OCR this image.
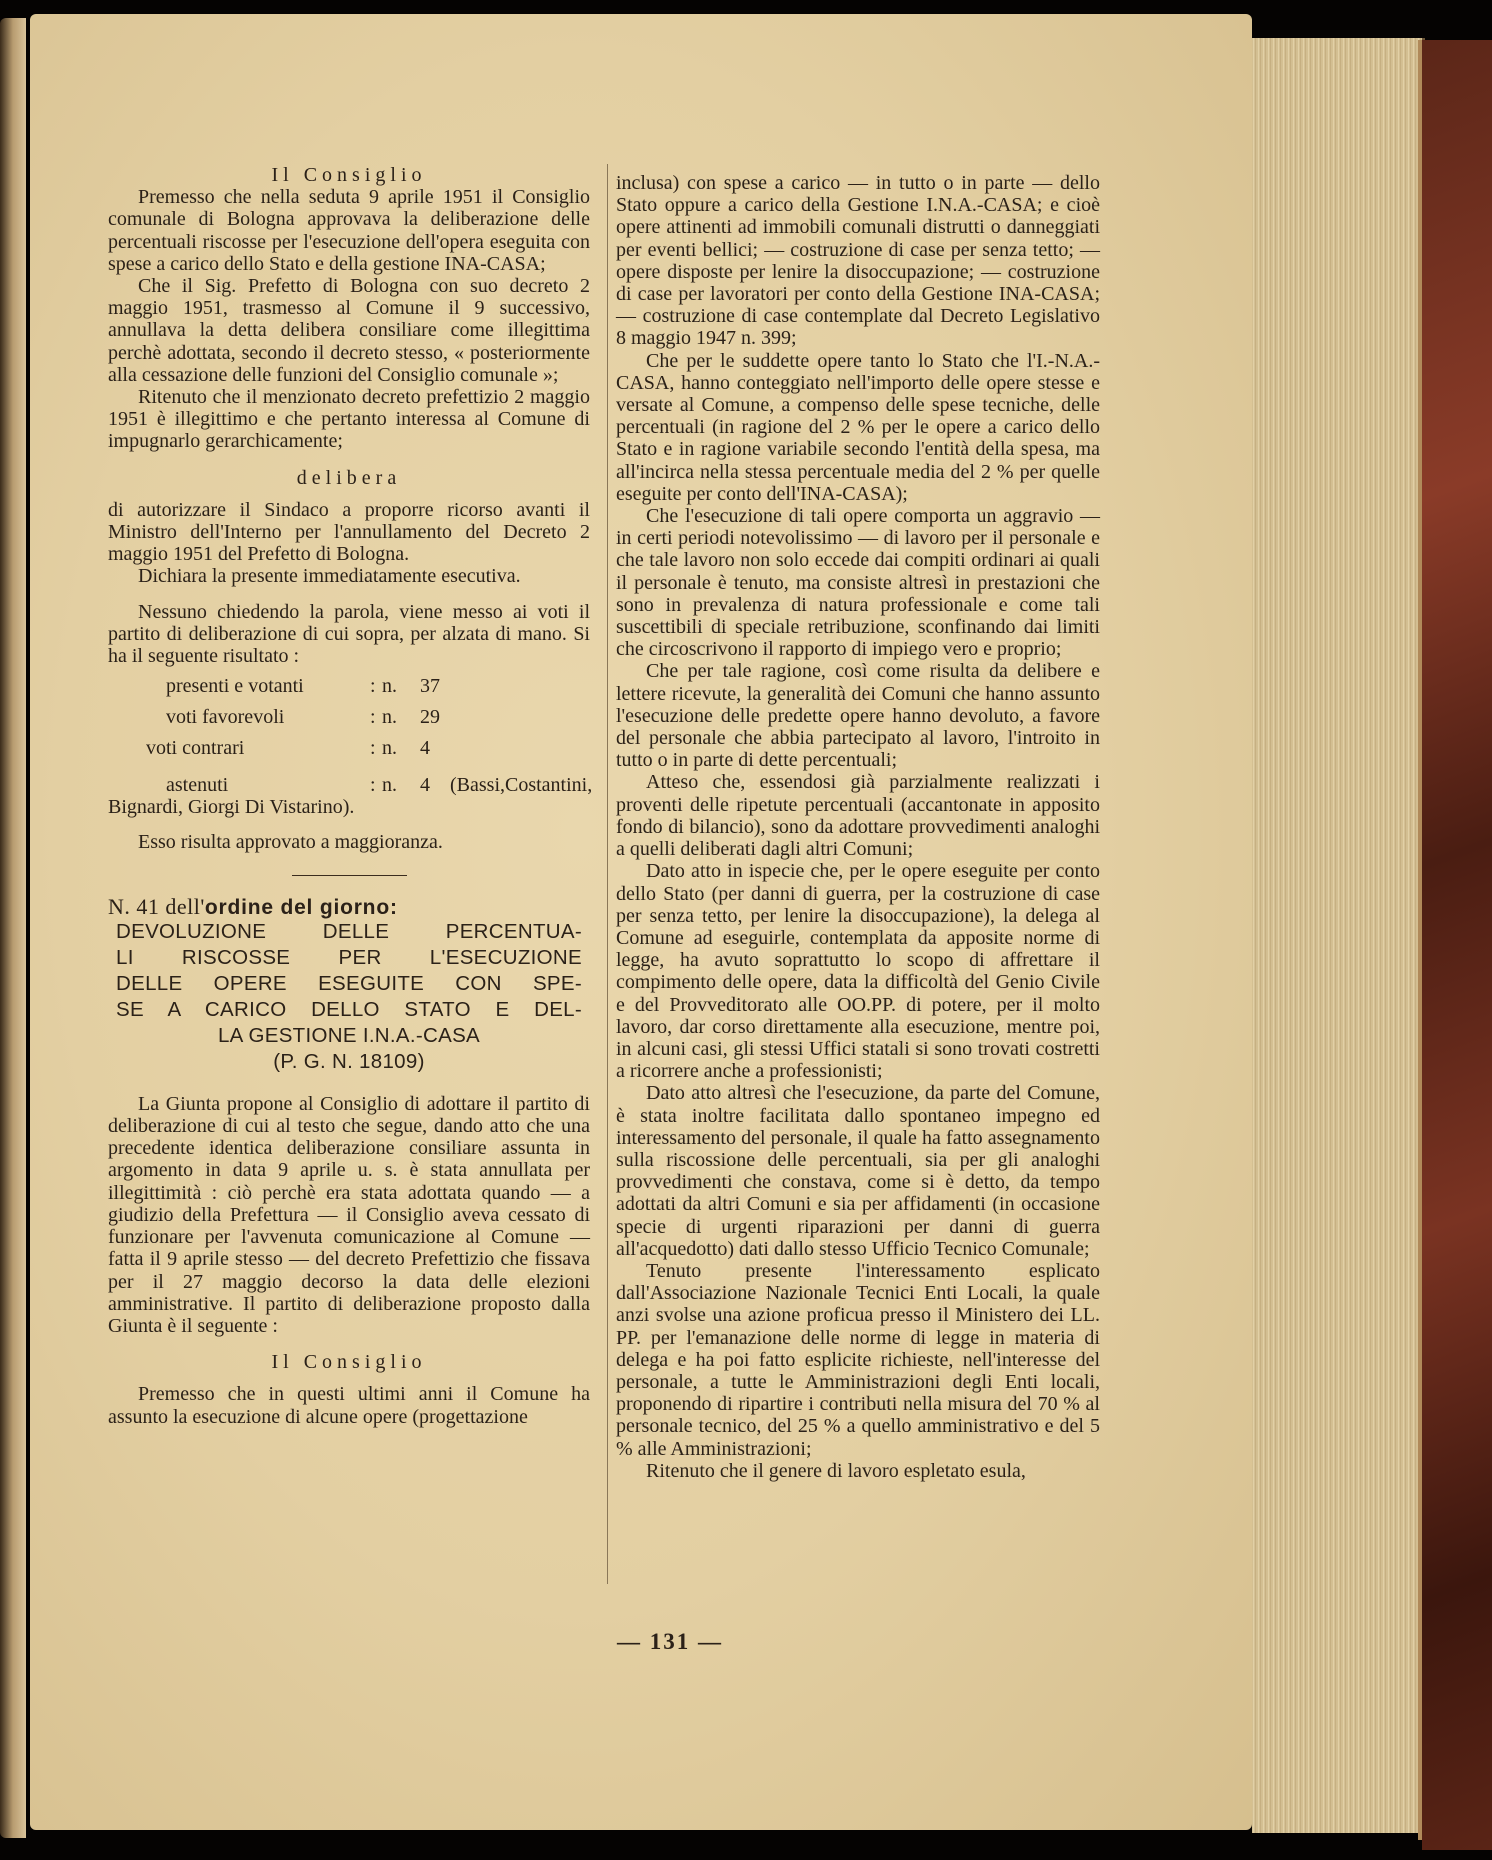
Il Consiglio

Premesso che nella seduta 9 aprile 1951 il Consiglio comunale di Bologna approvava la deliberazione delle percentuali riscosse per l'esecuzione dell'opera eseguita con spese a carico dello Stato e della gestione INA-CASA;

Che il Sig. Prefetto di Bologna con suo decreto 2 maggio 1951, trasmesso al Comune il 9 successivo, annullava la detta delibera consiliare come illegittima perchè adottata, secondo il decreto stesso, « posteriormente alla cessazione delle funzioni del Consiglio comunale »;

Ritenuto che il menzionato decreto prefettizio 2 maggio 1951 è illegittimo e che pertanto interessa al Comune di impugnarlo gerarchicamente;

delibera

di autorizzare il Sindaco a proporre ricorso avanti il Ministro dell'Interno per l'annullamento del Decreto 2 maggio 1951 del Prefetto di Bologna.

Dichiara la presente immediatamente esecutiva.

Nessuno chiedendo la parola, viene messo ai voti il partito di deliberazione di cui sopra, per alzata di mano. Si ha il seguente risultato :

presenti e votanti	: n. 37
voti favorevoli	: n. 29
voti contrari	: n. 4
astenuti	: n. 4 (Bassi,Costantini,

Bignardi, Giorgi Di Vistarino).

Esso risulta approvato a maggioranza.

N. 41 dell'ordine del giorno:

DEVOLUZIONE DELLE PERCENTUA-
LI RISCOSSE PER L'ESECUZIONE
DELLE OPERE ESEGUITE CON SPE-
SE A CARICO DELLO STATO E DEL-
LA GESTIONE I.N.A.-CASA
(P. G. N. 18109)

La Giunta propone al Consiglio di adottare il partito di deliberazione di cui al testo che segue, dando atto che una precedente identica deliberazione consiliare assunta in argomento in data 9 aprile u. s. è stata annullata per illegittimità : ciò perchè era stata adottata quando — a giudizio della Prefettura — il Consiglio aveva cessato di funzionare per l'avvenuta comunicazione al Comune — fatta il 9 aprile stesso — del decreto Prefettizio che fissava per il 27 maggio decorso la data delle elezioni amministrative. Il partito di deliberazione proposto dalla Giunta è il seguente :

Il Consiglio

Premesso che in questi ultimi anni il Comune ha assunto la esecuzione di alcune opere (progettazione

inclusa) con spese a carico — in tutto o in parte — dello Stato oppure a carico della Gestione I.N.A.-CASA; e cioè opere attinenti ad immobili comunali distrutti o danneggiati per eventi bellici; — costruzione di case per senza tetto; — opere disposte per lenire la disoccupazione; — costruzione di case per lavoratori per conto della Gestione INA-CASA; — costruzione di case contemplate dal Decreto Legislativo 8 maggio 1947 n. 399;

Che per le suddette opere tanto lo Stato che l'I.-N.A.-CASA, hanno conteggiato nell'importo delle opere stesse e versate al Comune, a compenso delle spese tecniche, delle percentuali (in ragione del 2 % per le opere a carico dello Stato e in ragione variabile secondo l'entità della spesa, ma all'incirca nella stessa percentuale media del 2 % per quelle eseguite per conto dell'INA-CASA);

Che l'esecuzione di tali opere comporta un aggravio — in certi periodi notevolissimo — di lavoro per il personale e che tale lavoro non solo eccede dai compiti ordinari ai quali il personale è tenuto, ma consiste altresì in prestazioni che sono in prevalenza di natura professionale e come tali suscettibili di speciale retribuzione, sconfinando dai limiti che circoscrivono il rapporto di impiego vero e proprio;

Che per tale ragione, così come risulta da delibere e lettere ricevute, la generalità dei Comuni che hanno assunto l'esecuzione delle predette opere hanno devoluto, a favore del personale che abbia partecipato al lavoro, l'introito in tutto o in parte di dette percentuali;

Atteso che, essendosi già parzialmente realizzati i proventi delle ripetute percentuali (accantonate in apposito fondo di bilancio), sono da adottare provvedimenti analoghi a quelli deliberati dagli altri Comuni;

Dato atto in ispecie che, per le opere eseguite per conto dello Stato (per danni di guerra, per la costruzione di case per senza tetto, per lenire la disoccupazione), la delega al Comune ad eseguirle, contemplata da apposite norme di legge, ha avuto soprattutto lo scopo di affrettare il compimento delle opere, data la difficoltà del Genio Civile e del Provveditorato alle OO.PP. di potere, per il molto lavoro, dar corso direttamente alla esecuzione, mentre poi, in alcuni casi, gli stessi Uffici statali si sono trovati costretti a ricorrere anche a professionisti;

Dato atto altresì che l'esecuzione, da parte del Comune, è stata inoltre facilitata dallo spontaneo impegno ed interessamento del personale, il quale ha fatto assegnamento sulla riscossione delle percentuali, sia per gli analoghi provvedimenti che constava, come si è detto, da tempo adottati da altri Comuni e sia per affidamenti (in occasione specie di urgenti riparazioni per danni di guerra all'acquedotto) dati dallo stesso Ufficio Tecnico Comunale;

Tenuto presente l'interessamento esplicato dall'Associazione Nazionale Tecnici Enti Locali, la quale anzi svolse una azione proficua presso il Ministero dei LL. PP. per l'emanazione delle norme di legge in materia di delega e ha poi fatto esplicite richieste, nell'interesse del personale, a tutte le Amministrazioni degli Enti locali, proponendo di ripartire i contributi nella misura del 70 % al personale tecnico, del 25 % a quello amministrativo e del 5 % alle Amministrazioni;

Ritenuto che il genere di lavoro espletato esula,

— 131 —
